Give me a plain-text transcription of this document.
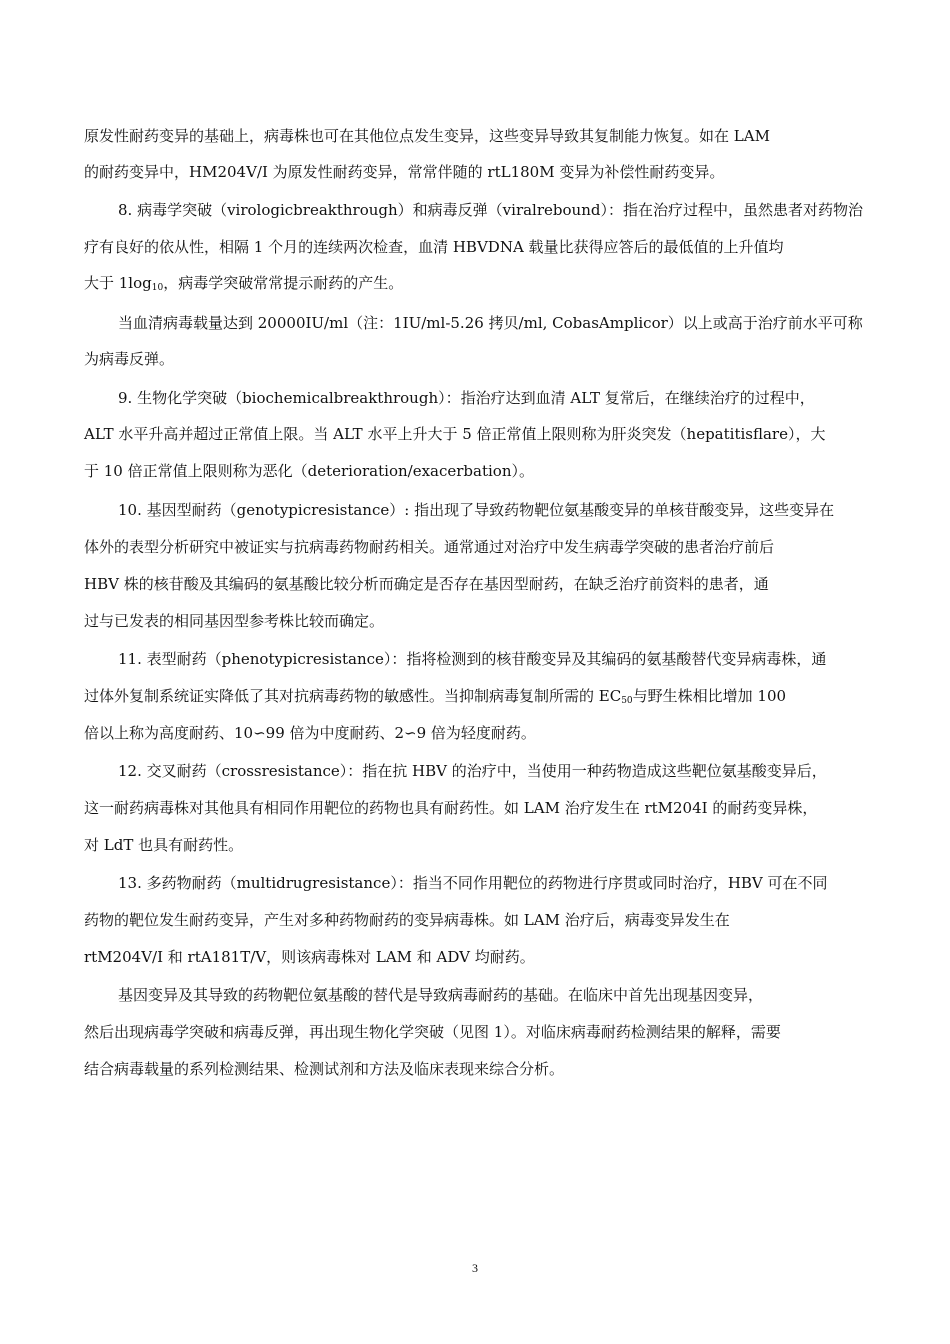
原发性耐药变异的基础上，病毒株也可在其他位点发生变异，这些变异导致其复制能力恢复。如在 LAM
的耐药变异中，HM204V/I 为原发性耐药变异，常常伴随的 rtL180M 变异为补偿性耐药变异。
8. 病毒学突破（virologicbreakthrough）和病毒反弹（viralrebound）：指在治疗过程中，虽然患者对药物治
疗有良好的依从性，相隔 1 个月的连续两次检查，血清 HBVDNA 载量比获得应答后的最低值的上升值均
大于 $1\log_{10}$，病毒学突破常常提示耐药的产生。
当血清病毒载量达到 20000IU/ml（注：1IU/ml-5.26 拷贝/ml, CobasAmplicor）以上或高于治疗前水平可称
为病毒反弹。
9. 生物化学突破（biochemicalbreakthrough）：指治疗达到血清 ALT 复常后，在继续治疗的过程中，
ALT 水平升高并超过正常值上限。当 ALT 水平上升大于 5 倍正常值上限则称为肝炎突发（hepatitisflare），大
于 10 倍正常值上限则称为恶化（deterioration/exacerbation）。
10. 基因型耐药（genotypicresistance）: 指出现了导致药物靶位氨基酸变异的单核苷酸变异，这些变异在
体外的表型分析研究中被证实与抗病毒药物耐药相关。通常通过对治疗中发生病毒学突破的患者治疗前后
HBV 株的核苷酸及其编码的氨基酸比较分析而确定是否存在基因型耐药，在缺乏治疗前资料的患者，通
过与已发表的相同基因型参考株比较而确定。
11. 表型耐药（phenotypicresistance）：指将检测到的核苷酸变异及其编码的氨基酸替代变异病毒株，通
过体外复制系统证实降低了其对抗病毒药物的敏感性。当抑制病毒复制所需的 $EC_{50}$与野生株相比增加 100
倍以上称为高度耐药、10∽99 倍为中度耐药、2∽9 倍为轻度耐药。
12. 交叉耐药（crossresistance）：指在抗 HBV 的治疗中，当使用一种药物造成这些靶位氨基酸变异后，
这一耐药病毒株对其他具有相同作用靶位的药物也具有耐药性。如 LAM 治疗发生在 rtM204I 的耐药变异株，
对 LdT 也具有耐药性。
13. 多药物耐药（multidrugresistance）：指当不同作用靶位的药物进行序贯或同时治疗，HBV 可在不同
药物的靶位发生耐药变异，产生对多种药物耐药的变异病毒株。如 LAM 治疗后，病毒变异发生在
rtM204V/I 和 rtA181T/V，则该病毒株对 LAM 和 ADV 均耐药。
基因变异及其导致的药物靶位氨基酸的替代是导致病毒耐药的基础。在临床中首先出现基因变异，
然后出现病毒学突破和病毒反弹，再出现生物化学突破（见图 1）。对临床病毒耐药检测结果的解释，需要
结合病毒载量的系列检测结果、检测试剂和方法及临床表现来综合分析。
3
